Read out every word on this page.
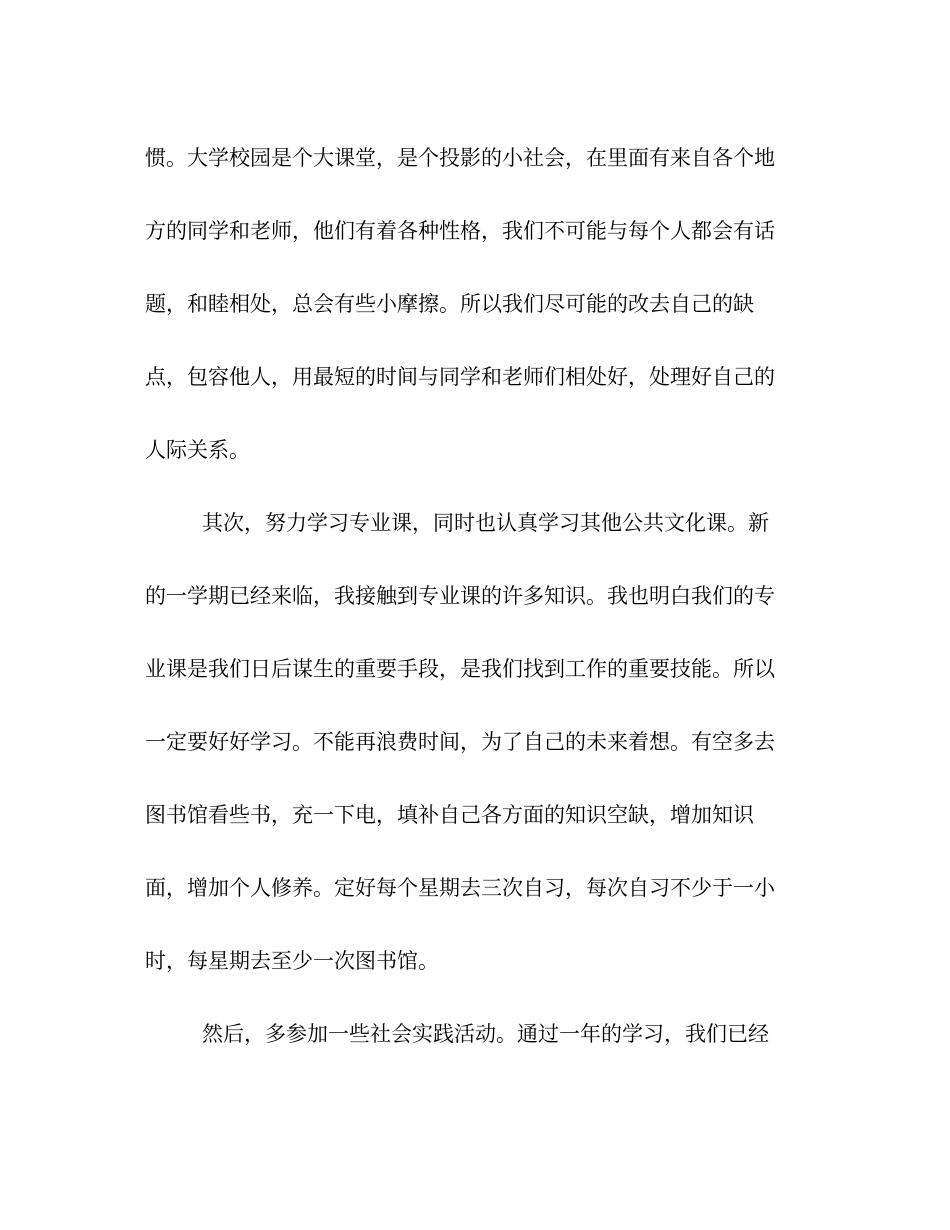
惯。大学校园是个大课堂，是个投影的小社会，在里面有来自各个地
方的同学和老师，他们有着各种性格，我们不可能与每个人都会有话
题，和睦相处，总会有些小摩擦。所以我们尽可能的改去自己的缺
点，包容他人，用最短的时间与同学和老师们相处好，处理好自己的
人际关系。
其次，努力学习专业课，同时也认真学习其他公共文化课。新
的一学期已经来临，我接触到专业课的许多知识。我也明白我们的专
业课是我们日后谋生的重要手段，是我们找到工作的重要技能。所以
一定要好好学习。不能再浪费时间，为了自己的未来着想。有空多去
图书馆看些书，充一下电，填补自己各方面的知识空缺，增加知识
面，增加个人修养。定好每个星期去三次自习，每次自习不少于一小
时，每星期去至少一次图书馆。
然后，多参加一些社会实践活动。通过一年的学习，我们已经
